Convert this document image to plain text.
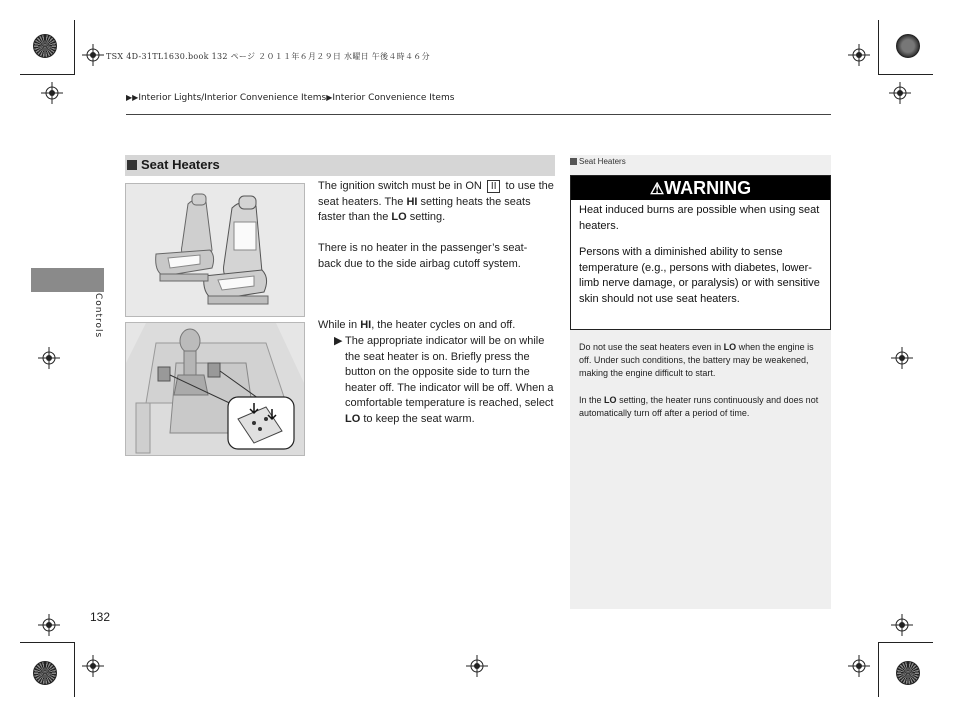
TSX 4D-31TL1630.book 132 ページ ２０１１年６月２９日 水曜日 午後４時４６分
▶▶Interior Lights/Interior Convenience Items▶Interior Convenience Items
Controls
Seat Heaters
The ignition switch must be in ON II to use the seat heaters. The HI setting heats the seats faster than the LO setting.
There is no heater in the passenger’s seat-back due to the side airbag cutoff system.
While in HI, the heater cycles on and off.
▶ The appropriate indicator will be on while the seat heater is on. Briefly press the button on the opposite side to turn the heater off. The indicator will be off. When a comfortable temperature is reached, select LO to keep the seat warm.
Seat Heaters
⚠WARNING

Heat induced burns are possible when using seat heaters.

Persons with a diminished ability to sense temperature (e.g., persons with diabetes, lower-limb nerve damage, or paralysis) or with sensitive skin should not use seat heaters.

Do not use the seat heaters even in LO when the engine is off. Under such conditions, the battery may be weakened, making the engine difficult to start.
In the LO setting, the heater runs continuously and does not automatically turn off after a period of time.
132
